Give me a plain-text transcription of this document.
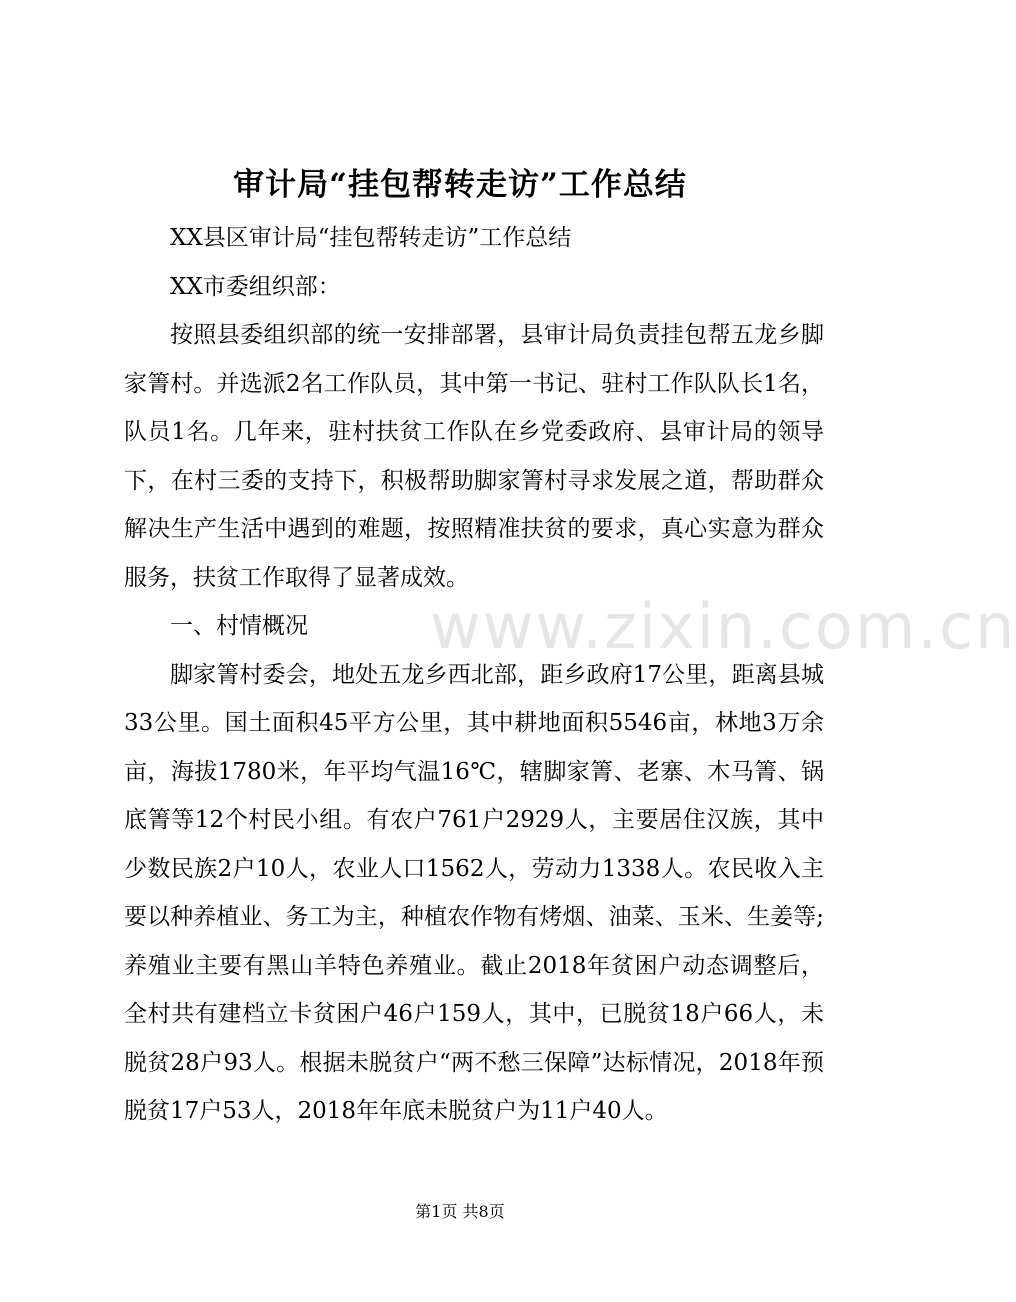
审计局“挂包帮转走访”工作总结

XX县区审计局“挂包帮转走访”工作总结

XX市委组织部：

按照县委组织部的统一安排部署，县审计局负责挂包帮五龙乡脚家箐村。并选派2名工作队员，其中第一书记、驻村工作队队长1名，队员1名。几年来，驻村扶贫工作队在乡党委政府、县审计局的领导下，在村三委的支持下，积极帮助脚家箐村寻求发展之道，帮助群众解决生产生活中遇到的难题，按照精准扶贫的要求，真心实意为群众服务，扶贫工作取得了显著成效。

一、村情概况

脚家箐村委会，地处五龙乡西北部，距乡政府17公里，距离县城33公里。国土面积45平方公里，其中耕地面积5546亩，林地3万余亩，海拔1780米，年平均气温16℃，辖脚家箐、老寨、木马箐、锅底箐等12个村民小组。有农户761户2929人，主要居住汉族，其中少数民族2户10人，农业人口1562人，劳动力1338人。农民收入主要以种养植业、务工为主，种植农作物有烤烟、油菜、玉米、生姜等;养殖业主要有黑山羊特色养殖业。截止2018年贫困户动态调整后，全村共有建档立卡贫困户46户159人，其中，已脱贫18户66人，未脱贫28户93人。根据未脱贫户“两不愁三保障”达标情况，2018年预脱贫17户53人，2018年年底未脱贫户为11户40人。

www.zixin.com.cn
第1页 共8页
